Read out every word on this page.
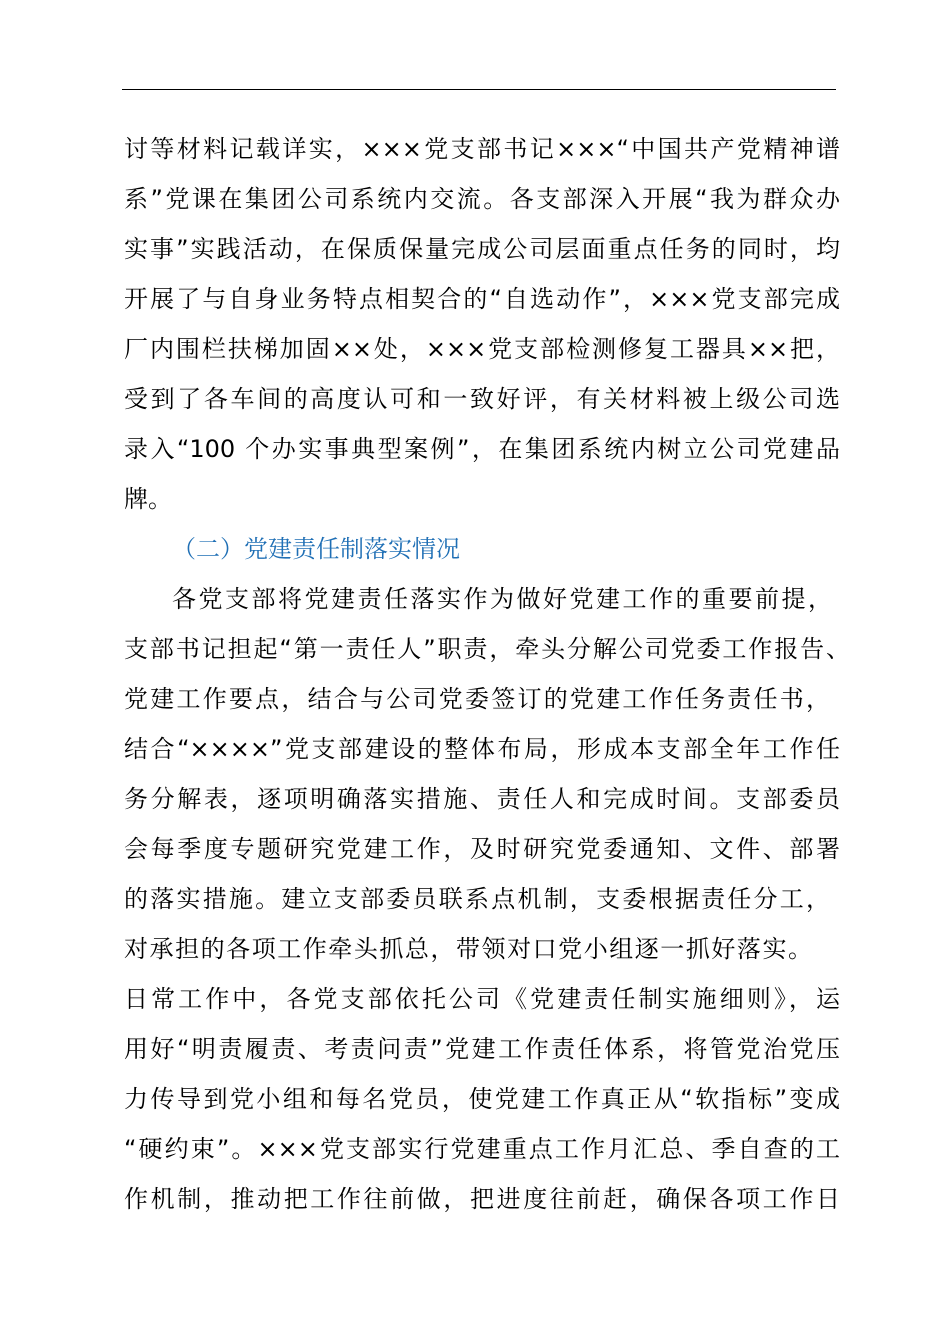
讨等材料记载详实，×××党支部书记×××“中国共产党精神谱
系”党课在集团公司系统内交流。各支部深入开展“我为群众办
实事”实践活动，在保质保量完成公司层面重点任务的同时，均
开展了与自身业务特点相契合的“自选动作”，×××党支部完成
厂内围栏扶梯加固××处，×××党支部检测修复工器具××把，
受到了各车间的高度认可和一致好评，有关材料被上级公司选
录入“100 个办实事典型案例”，在集团系统内树立公司党建品
牌。
（二）党建责任制落实情况
各党支部将党建责任落实作为做好党建工作的重要前提，
支部书记担起“第一责任人”职责，牵头分解公司党委工作报告、
党建工作要点，结合与公司党委签订的党建工作任务责任书，
结合“××××”党支部建设的整体布局，形成本支部全年工作任
务分解表，逐项明确落实措施、责任人和完成时间。支部委员
会每季度专题研究党建工作，及时研究党委通知、文件、部署
的落实措施。建立支部委员联系点机制，支委根据责任分工，
对承担的各项工作牵头抓总，带领对口党小组逐一抓好落实。
日常工作中，各党支部依托公司《党建责任制实施细则》，运
用好“明责履责、考责问责”党建工作责任体系，将管党治党压
力传导到党小组和每名党员，使党建工作真正从“软指标”变成
“硬约束”。×××党支部实行党建重点工作月汇总、季自查的工
作机制，推动把工作往前做，把进度往前赶，确保各项工作日
